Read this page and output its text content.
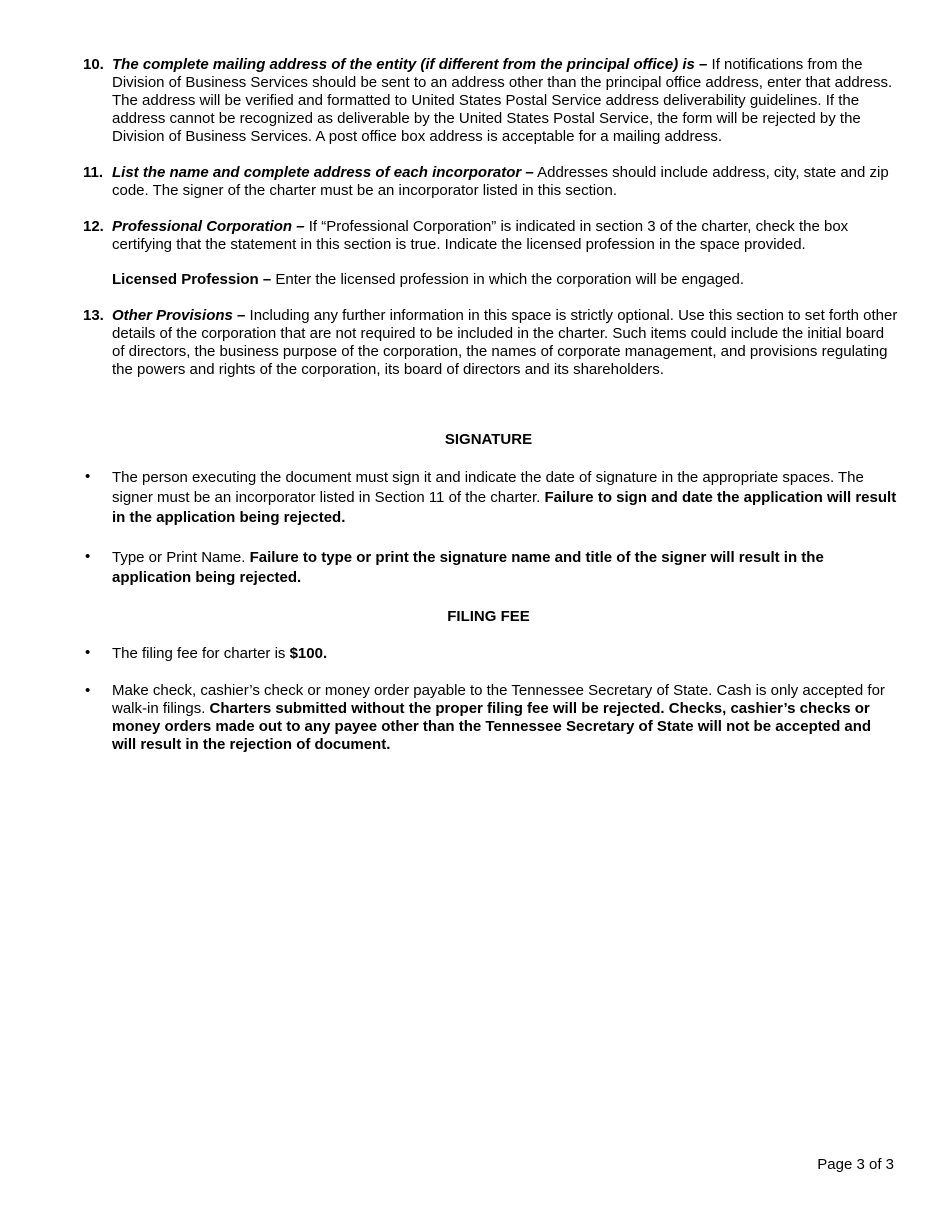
10. The complete mailing address of the entity (if different from the principal office) is – If notifications from the Division of Business Services should be sent to an address other than the principal office address, enter that address. The address will be verified and formatted to United States Postal Service address deliverability guidelines. If the address cannot be recognized as deliverable by the United States Postal Service, the form will be rejected by the Division of Business Services. A post office box address is acceptable for a mailing address.
11. List the name and complete address of each incorporator – Addresses should include address, city, state and zip code. The signer of the charter must be an incorporator listed in this section.
12. Professional Corporation – If “Professional Corporation” is indicated in section 3 of the charter, check the box certifying that the statement in this section is true. Indicate the licensed profession in the space provided.
Licensed Profession – Enter the licensed profession in which the corporation will be engaged.
13. Other Provisions – Including any further information in this space is strictly optional. Use this section to set forth other details of the corporation that are not required to be included in the charter. Such items could include the initial board of directors, the business purpose of the corporation, the names of corporate management, and provisions regulating the powers and rights of the corporation, its board of directors and its shareholders.
SIGNATURE
• The person executing the document must sign it and indicate the date of signature in the appropriate spaces. The signer must be an incorporator listed in Section 11 of the charter. Failure to sign and date the application will result in the application being rejected.
• Type or Print Name. Failure to type or print the signature name and title of the signer will result in the application being rejected.
FILING FEE
• The filing fee for charter is $100.
• Make check, cashier’s check or money order payable to the Tennessee Secretary of State. Cash is only accepted for walk-in filings. Charters submitted without the proper filing fee will be rejected. Checks, cashier’s checks or money orders made out to any payee other than the Tennessee Secretary of State will not be accepted and will result in the rejection of document.
Page 3 of 3
